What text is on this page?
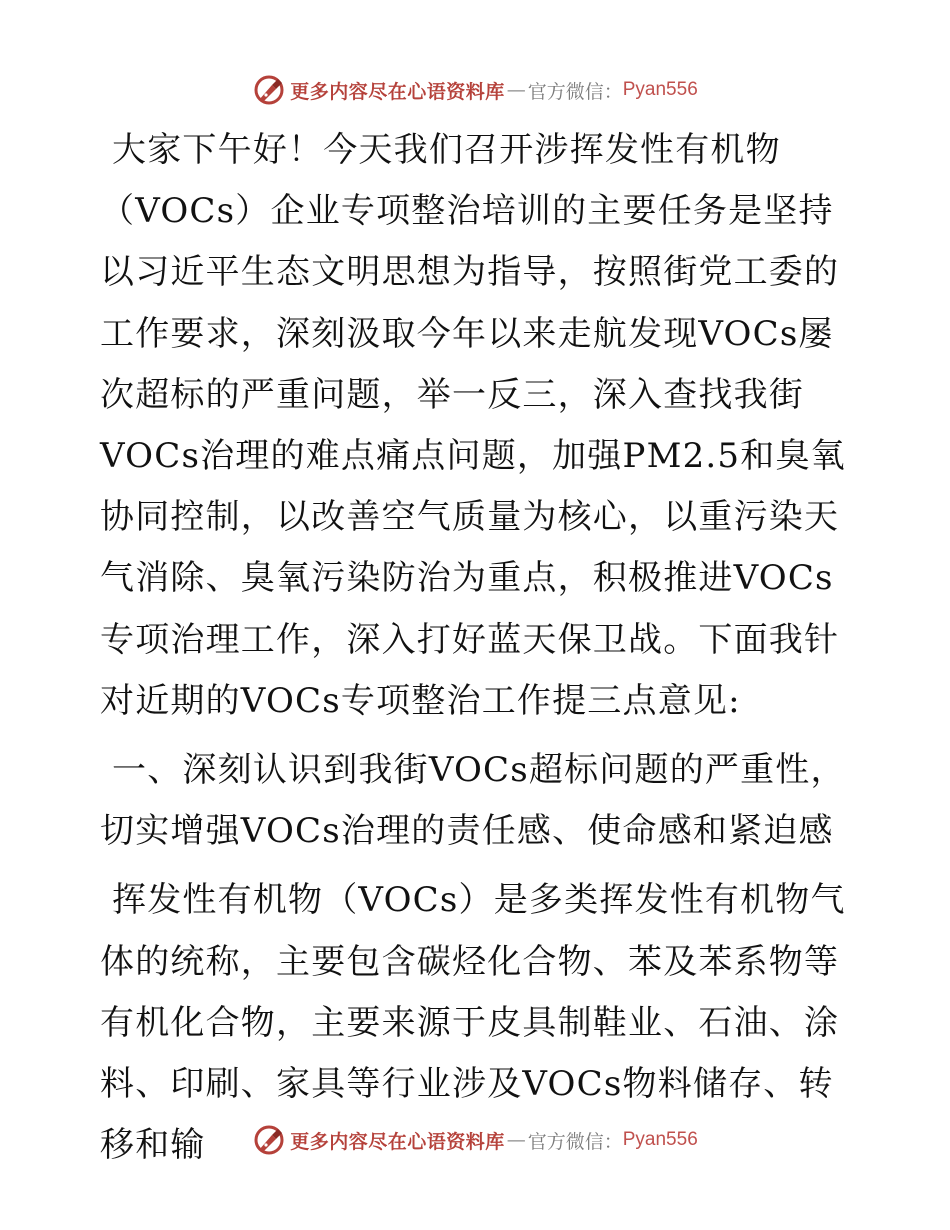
更多内容尽在心语资料库 — 官方微信： Pyan556

大家下午好！今天我们召开涉挥发性有机物（VOCs）企业专项整治培训的主要任务是坚持以习近平生态文明思想为指导，按照街党工委的工作要求，深刻汲取今年以来走航发现VOCs屡次超标的严重问题，举一反三，深入查找我街VOCs治理的难点痛点问题，加强PM2.5和臭氧协同控制，以改善空气质量为核心，以重污染天气消除、臭氧污染防治为重点，积极推进VOCs专项治理工作，深入打好蓝天保卫战。下面我针对近期的VOCs专项整治工作提三点意见:

一、深刻认识到我街VOCs超标问题的严重性，切实增强VOCs治理的责任感、使命感和紧迫感

挥发性有机物（VOCs）是多类挥发性有机物气体的统称，主要包含碳烃化合物、苯及苯系物等有机化合物，主要来源于皮具制鞋业、石油、涂料、印刷、家具等行业涉及VOCs物料储存、转移和输	更多内容尽在心语资料库 — 官方微信： Pyan556
